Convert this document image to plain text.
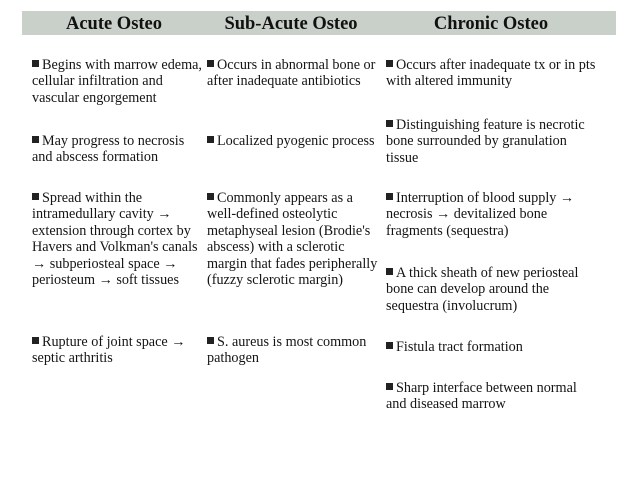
Acute Osteo	Sub-Acute Osteo	Chronic Osteo
Begins with marrow edema, cellular infiltration and vascular engorgement
May progress to necrosis and abscess formation
Spread within the intramedullary cavity → extension through cortex by Havers and Volkman's canals → subperiosteal space → periosteum → soft tissues
Rupture of joint space → septic arthritis
Occurs in abnormal bone or after inadequate antibiotics
Localized pyogenic process
Commonly appears as a well-defined osteolytic metaphyseal lesion (Brodie's abscess) with a sclerotic margin that fades peripherally (fuzzy sclerotic margin)
S. aureus is most common pathogen
Occurs after inadequate tx or in pts with altered immunity
Distinguishing feature is necrotic bone surrounded by granulation tissue
Interruption of blood supply → necrosis → devitalized bone fragments (sequestra)
A thick sheath of new periosteal bone can develop around the sequestra (involucrum)
Fistula tract formation
Sharp interface between normal and diseased marrow
